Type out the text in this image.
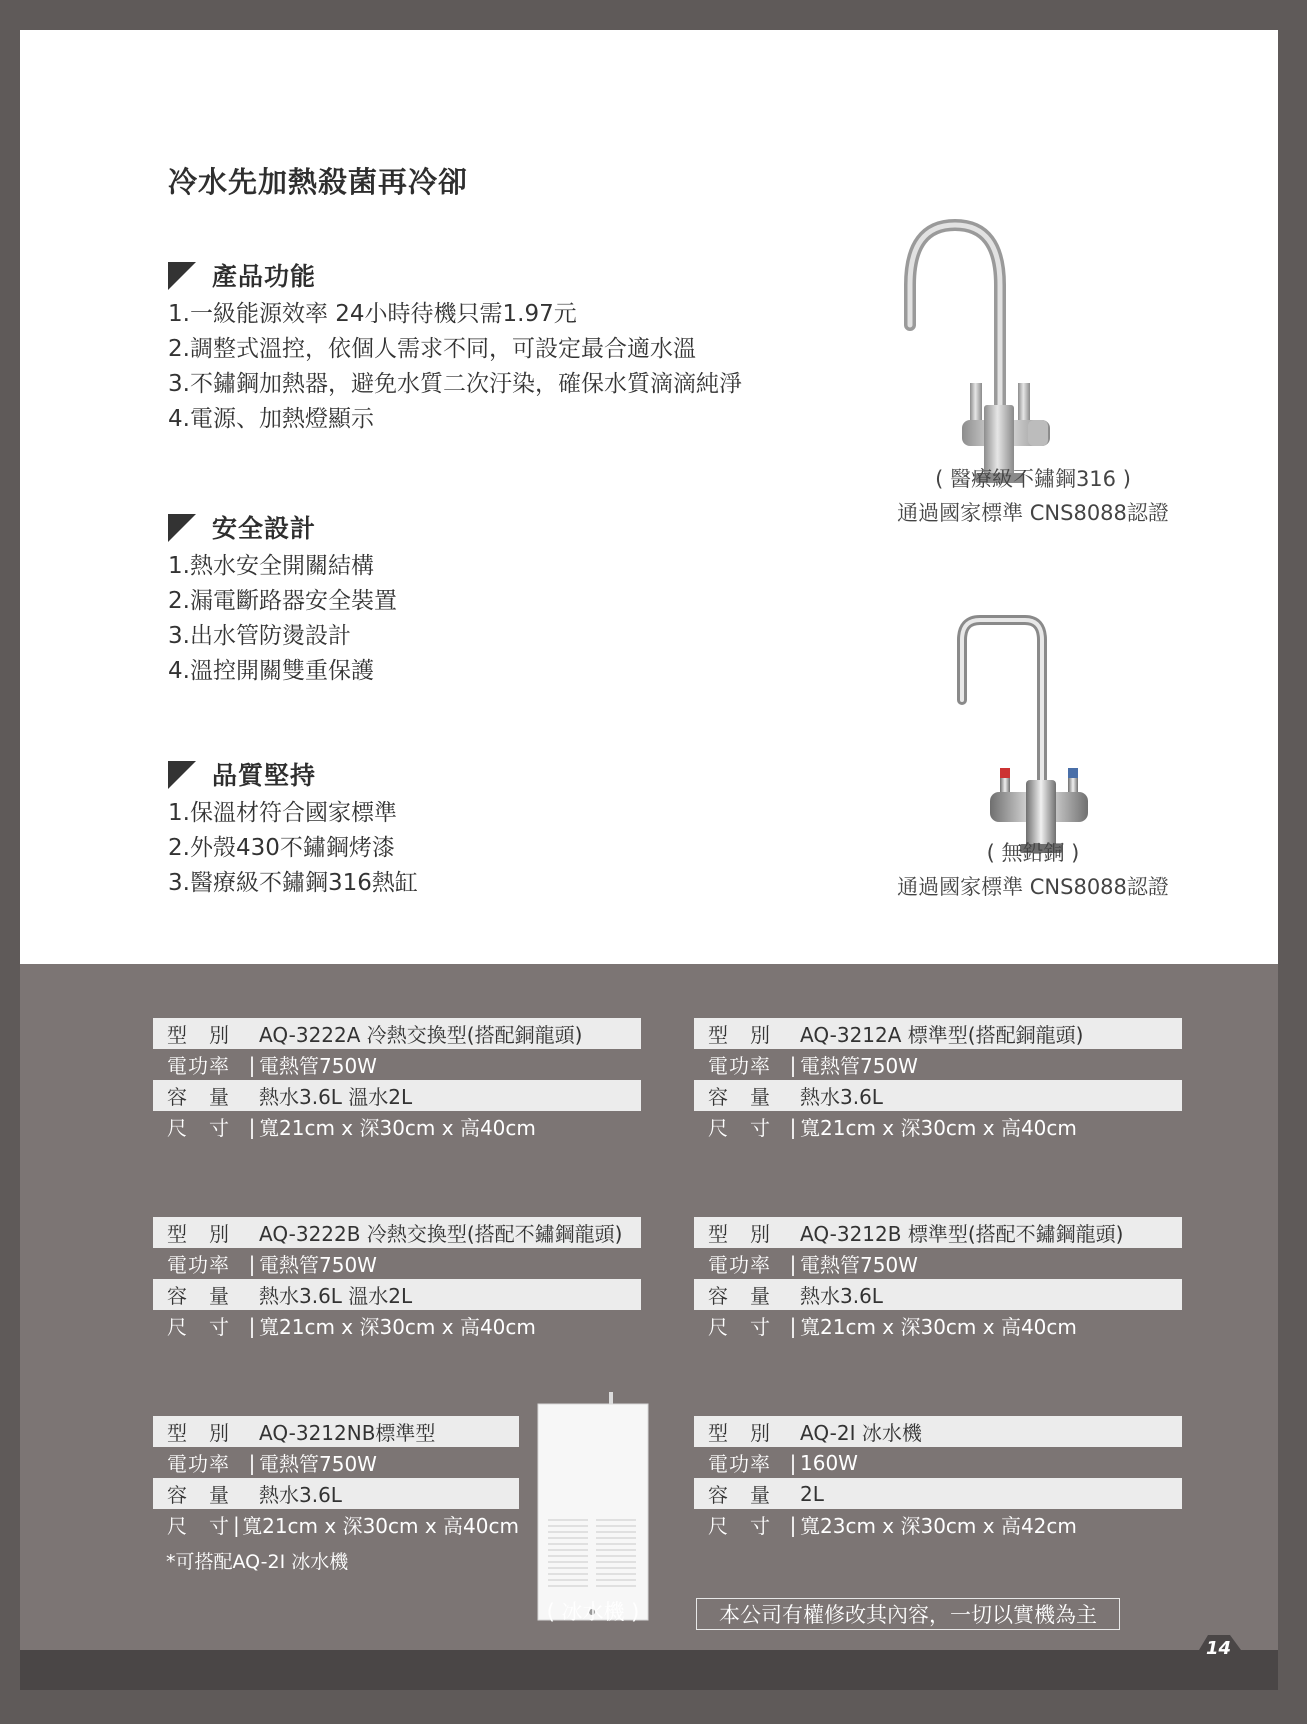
冷水先加熱殺菌再冷卻
產品功能
1.一級能源效率 24小時待機只需1.97元
2.調整式溫控，依個人需求不同，可設定最合適水溫
3.不鏽鋼加熱器，避免水質二次汙染，確保水質滴滴純淨
4.電源、加熱燈顯示
安全設計
1.熱水安全開關結構
2.漏電斷路器安全裝置
3.出水管防燙設計
4.溫控開關雙重保護
品質堅持
1.保溫材符合國家標準
2.外殼430不鏽鋼烤漆
3.醫療級不鏽鋼316熱缸
( 醫療級不鏽鋼316 )
通過國家標準 CNS8088認證
( 無鉛銅 )
通過國家標準 CNS8088認證
型　別	AQ-3222A 冷熱交換型(搭配銅龍頭)
電功率 | 電熱管750W
容　量	熱水3.6L 溫水2L
尺　寸 | 寬21cm x 深30cm x 高40cm
型　別	AQ-3212A 標準型(搭配銅龍頭)
電功率 | 電熱管750W
容　量	熱水3.6L
尺　寸 | 寬21cm x 深30cm x 高40cm
型　別	AQ-3222B 冷熱交換型(搭配不鏽鋼龍頭)
電功率 | 電熱管750W
容　量	熱水3.6L 溫水2L
尺　寸 | 寬21cm x 深30cm x 高40cm
型　別	AQ-3212B 標準型(搭配不鏽鋼龍頭)
電功率 | 電熱管750W
容　量	熱水3.6L
尺　寸 | 寬21cm x 深30cm x 高40cm
型　別	AQ-3212NB標準型
電功率 | 電熱管750W
容　量	熱水3.6L
尺　寸 | 寬21cm x 深30cm x 高40cm
*可搭配AQ-2I 冰水機
( 冰水機 )
型　別	AQ-2I 冰水機
電功率 | 160W
容　量	2L
尺　寸 | 寬23cm x 深30cm x 高42cm
本公司有權修改其內容，一切以實機為主
14
